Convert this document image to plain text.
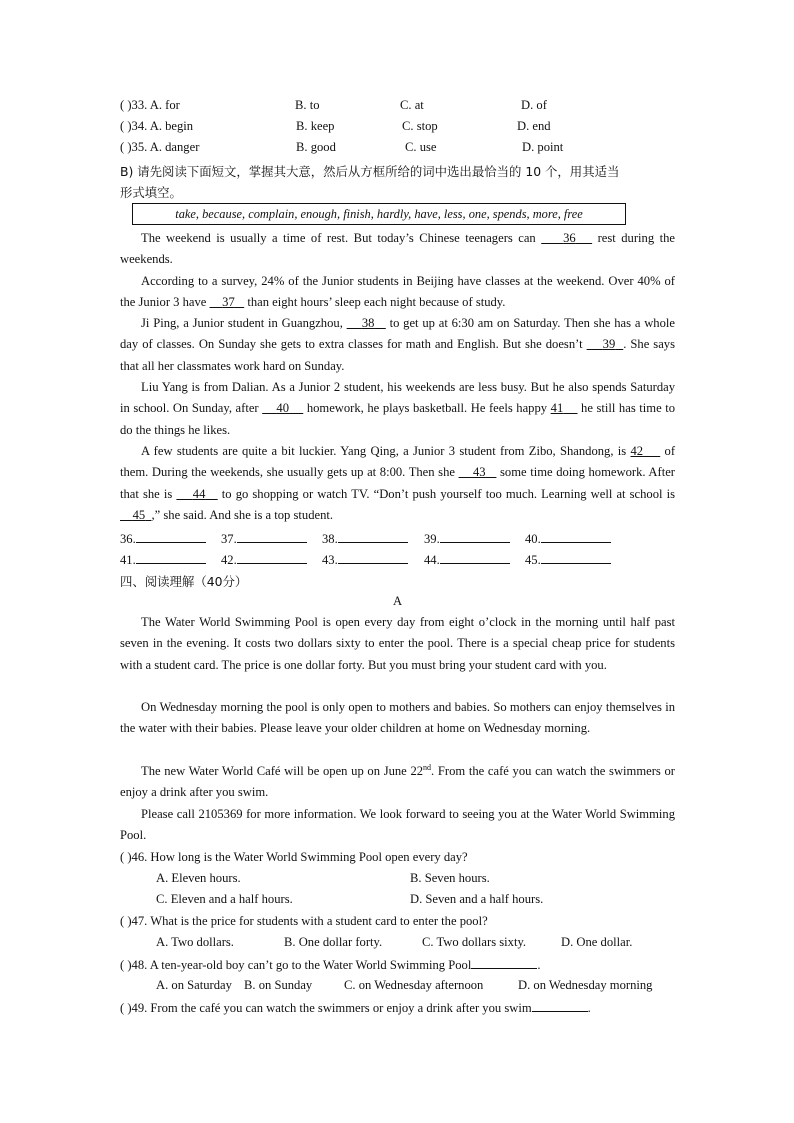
( )33. A. for	B. to	C. at	D. of
( )34. A. begin	B. keep	C. stop	D. end
( )35. A. danger	B. good	C. use	D. point
B) 请先阅读下面短文，掌握其大意，然后从方框所给的词中选出最恰当的 10 个，用其适当
形式填空。
take, because, complain, enough, finish, hardly, have, less, one, spends, more, free
The weekend is usually a time of rest. But today’s Chinese teenagers can 36 rest during the weekends.
According to a survey, 24% of the Junior students in Beijing have classes at the weekend. Over 40% of the Junior 3 have 37 than eight hours’ sleep each night because of study.
Ji Ping, a Junior student in Guangzhou, 38 to get up at 6:30 am on Saturday. Then she has a whole day of classes. On Sunday she gets to extra classes for math and English. But she doesn’t 39 . She says that all her classmates work hard on Sunday.
Liu Yang is from Dalian. As a Junior 2 student, his weekends are less busy. But he also spends Saturday in school. On Sunday, after 40 homework, he plays basketball. He feels happy 41 he still has time to do the things he likes.
A few students are quite a bit luckier. Yang Qing, a Junior 3 student from Zibo, Shandong, is 42 of them. During the weekends, she usually gets up at 8:00. Then she 43 some time doing homework. After that she is 44 to go shopping or watch TV. “Don’t push yourself too much. Learning well at school is     45 ,” she said. And she is a top student.
36.	37.	38.	39.	40.
41.	42.	43.	44.	45.
四、阅读理解（40分）
A
The Water World Swimming Pool is open every day from eight o’clock in the morning until half past seven in the evening. It costs two dollars sixty to enter the pool. There is a special cheap price for students with a student card. The price is one dollar forty. But you must bring your student card with you.
On Wednesday morning the pool is only open to mothers and babies. So mothers can enjoy themselves in the water with their babies. Please leave your older children at home on Wednesday morning.
The new Water World Café will be open up on June 22nd. From the café you can watch the swimmers or enjoy a drink after you swim.
Please call 2105369 for more information. We look forward to seeing you at the Water World Swimming Pool.
( )46. How long is the Water World Swimming Pool open every day?
A. Eleven hours.	B. Seven hours.
C. Eleven and a half hours.	D. Seven and a half hours.
( )47. What is the price for students with a student card to enter the pool?
A. Two dollars.	B. One dollar forty.	C. Two dollars sixty.	D. One dollar.
( )48. A ten-year-old boy can’t go to the Water World Swimming Pool	.
A. on Saturday B. on Sunday	C. on Wednesday afternoon	D. on Wednesday morning
( )49. From the café you can watch the swimmers or enjoy a drink after you swim	.
